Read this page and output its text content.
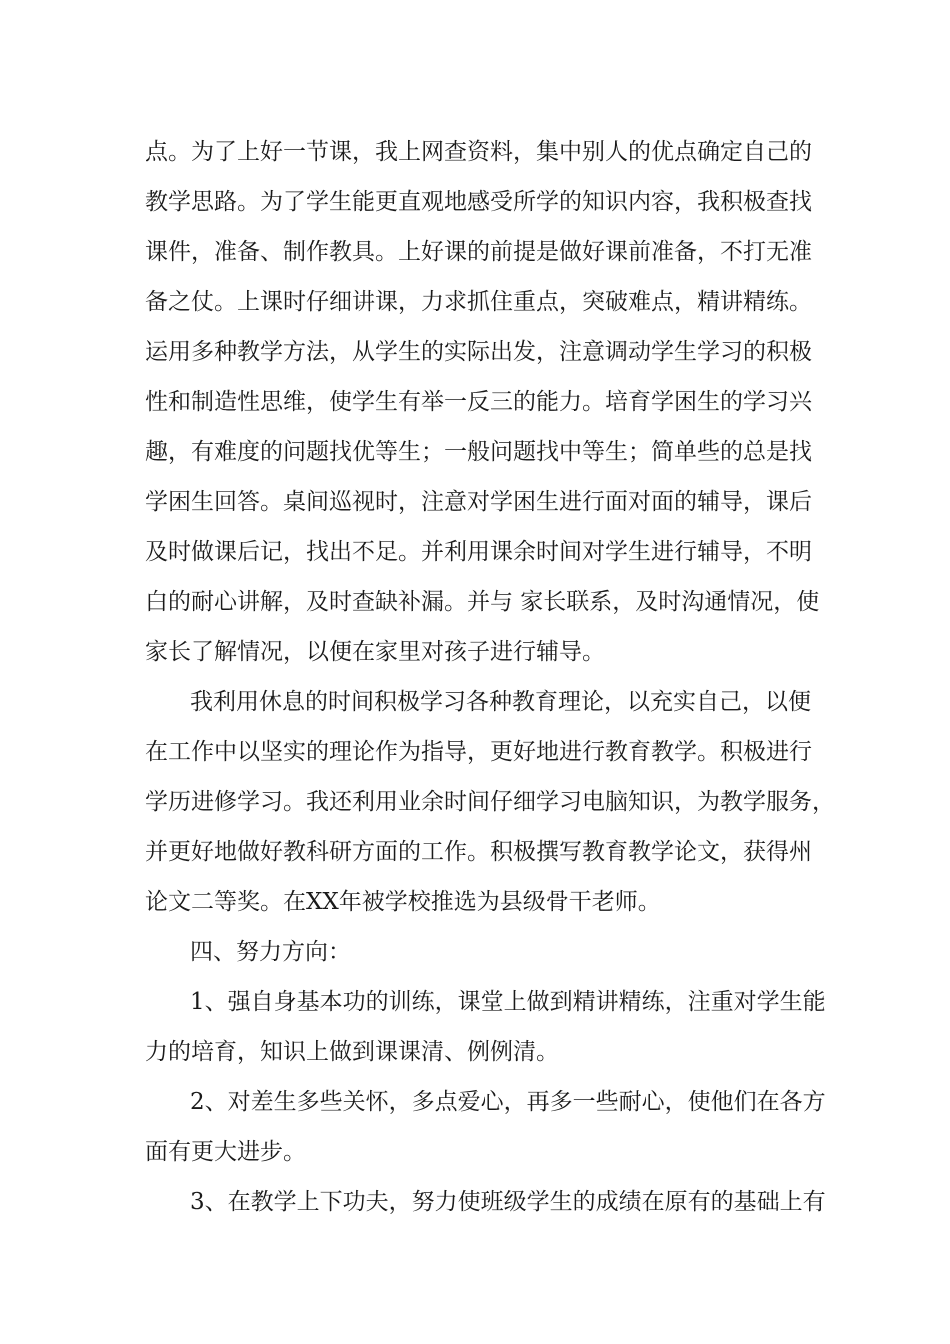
点。为了上好一节课，我上网查资料，集中别人的优点确定自己的
教学思路。为了学生能更直观地感受所学的知识内容，我积极查找
课件，准备、制作教具。上好课的前提是做好课前准备，不打无准
备之仗。上课时仔细讲课，力求抓住重点，突破难点，精讲精练。
运用多种教学方法，从学生的实际出发，注意调动学生学习的积极
性和制造性思维，使学生有举一反三的能力。培育学困生的学习兴
趣，有难度的问题找优等生；一般问题找中等生；简单些的总是找
学困生回答。桌间巡视时，注意对学困生进行面对面的辅导，课后
及时做课后记，找出不足。并利用课余时间对学生进行辅导，不明
白的耐心讲解，及时查缺补漏。并与 家长联系，及时沟通情况，使
家长了解情况，以便在家里对孩子进行辅导。
我利用休息的时间积极学习各种教育理论，以充实自己，以便
在工作中以坚实的理论作为指导，更好地进行教育教学。积极进行
学历进修学习。我还利用业余时间仔细学习电脑知识，为教学服务，
并更好地做好教科研方面的工作。积极撰写教育教学论文，获得州
论文二等奖。在XX年被学校推选为县级骨干老师。
四、努力方向：
1、强自身基本功的训练，课堂上做到精讲精练，注重对学生能
力的培育，知识上做到课课清、例例清。
2、对差生多些关怀，多点爱心，再多一些耐心，使他们在各方
面有更大进步。
3、在教学上下功夫，努力使班级学生的成绩在原有的基础上有
